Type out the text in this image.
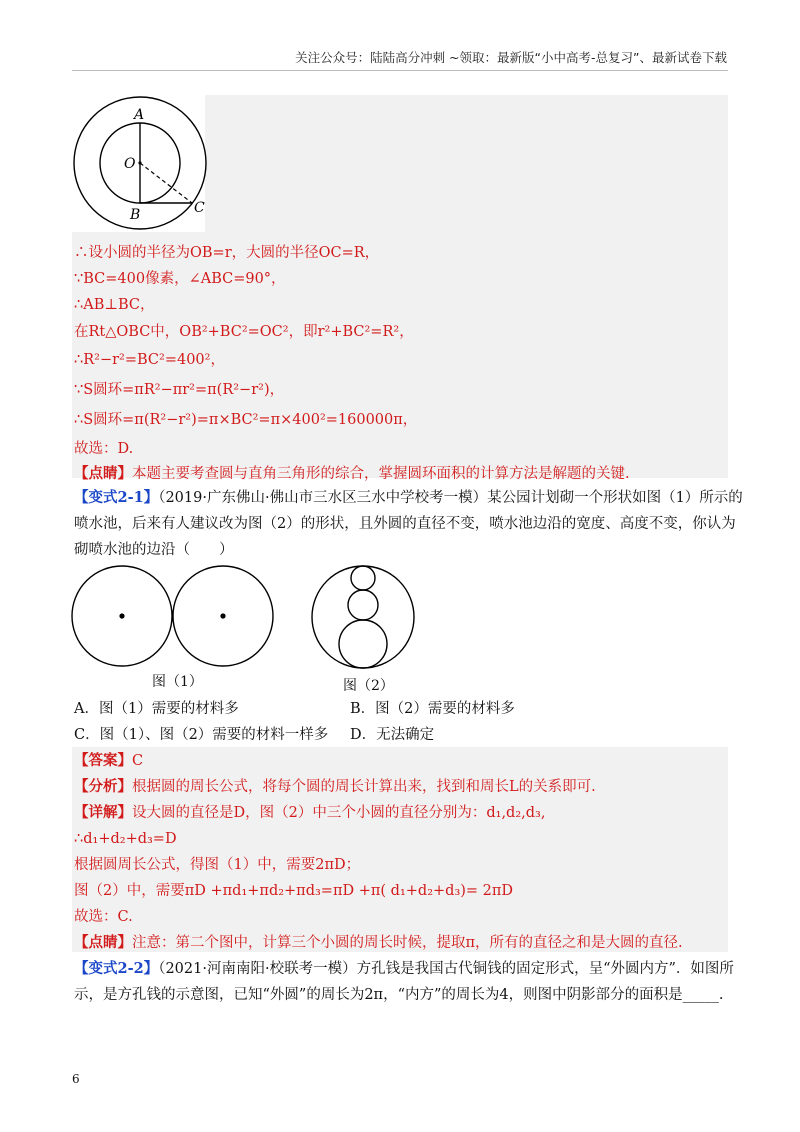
关注公众号：陆陆高分冲刺 ~领取：最新版“小中高考-总复习”、最新试卷下载
A
O
B	C
∴设小圆的半径为OB=r，大圆的半径OC=R，
∵BC=400像素，∠ABC=90°，
∴AB⊥BC，
在Rt△OBC中，OB²+BC²=OC²，即r²+BC²=R²，
∴R²−r²=BC²=400²，
∵S圆环=πR²−πr²=π(R²−r²)，
∴S圆环=π(R²−r²)=π×BC²=π×400²=160000π，
故选：D.
【点睛】本题主要考查圆与直角三角形的综合，掌握圆环面积的计算方法是解题的关键.
【变式2-1】（2019·广东佛山·佛山市三水区三水中学校考一模）某公园计划砌一个形状如图（1）所示的
喷水池，后来有人建议改为图（2）的形状，且外圆的直径不变，喷水池边沿的宽度、高度不变，你认为
砌喷水池的边沿（　　）
图（1）	图（2）
A．图（1）需要的材料多	B．图（2）需要的材料多
C．图（1）、图（2）需要的材料一样多 D．无法确定
【答案】C
【分析】根据圆的周长公式，将每个圆的周长计算出来，找到和周长L的关系即可.
【详解】设大圆的直径是D，图（2）中三个小圆的直径分别为：d₁,d₂,d₃,
∴d₁+d₂+d₃=D
根据圆周长公式，得图（1）中，需要2πD；
图（2）中，需要πD +πd₁+πd₂+πd₃=πD +π( d₁+d₂+d₃)= 2πD
故选：C.
【点睛】注意：第二个图中，计算三个小圆的周长时候，提取π，所有的直径之和是大圆的直径.
【变式2-2】（2021·河南南阳·校联考一模）方孔钱是我国古代铜钱的固定形式，呈“外圆内方”．如图所
示，是方孔钱的示意图，已知“外圆”的周长为2π，“内方”的周长为4，则图中阴影部分的面积是_____.
6
